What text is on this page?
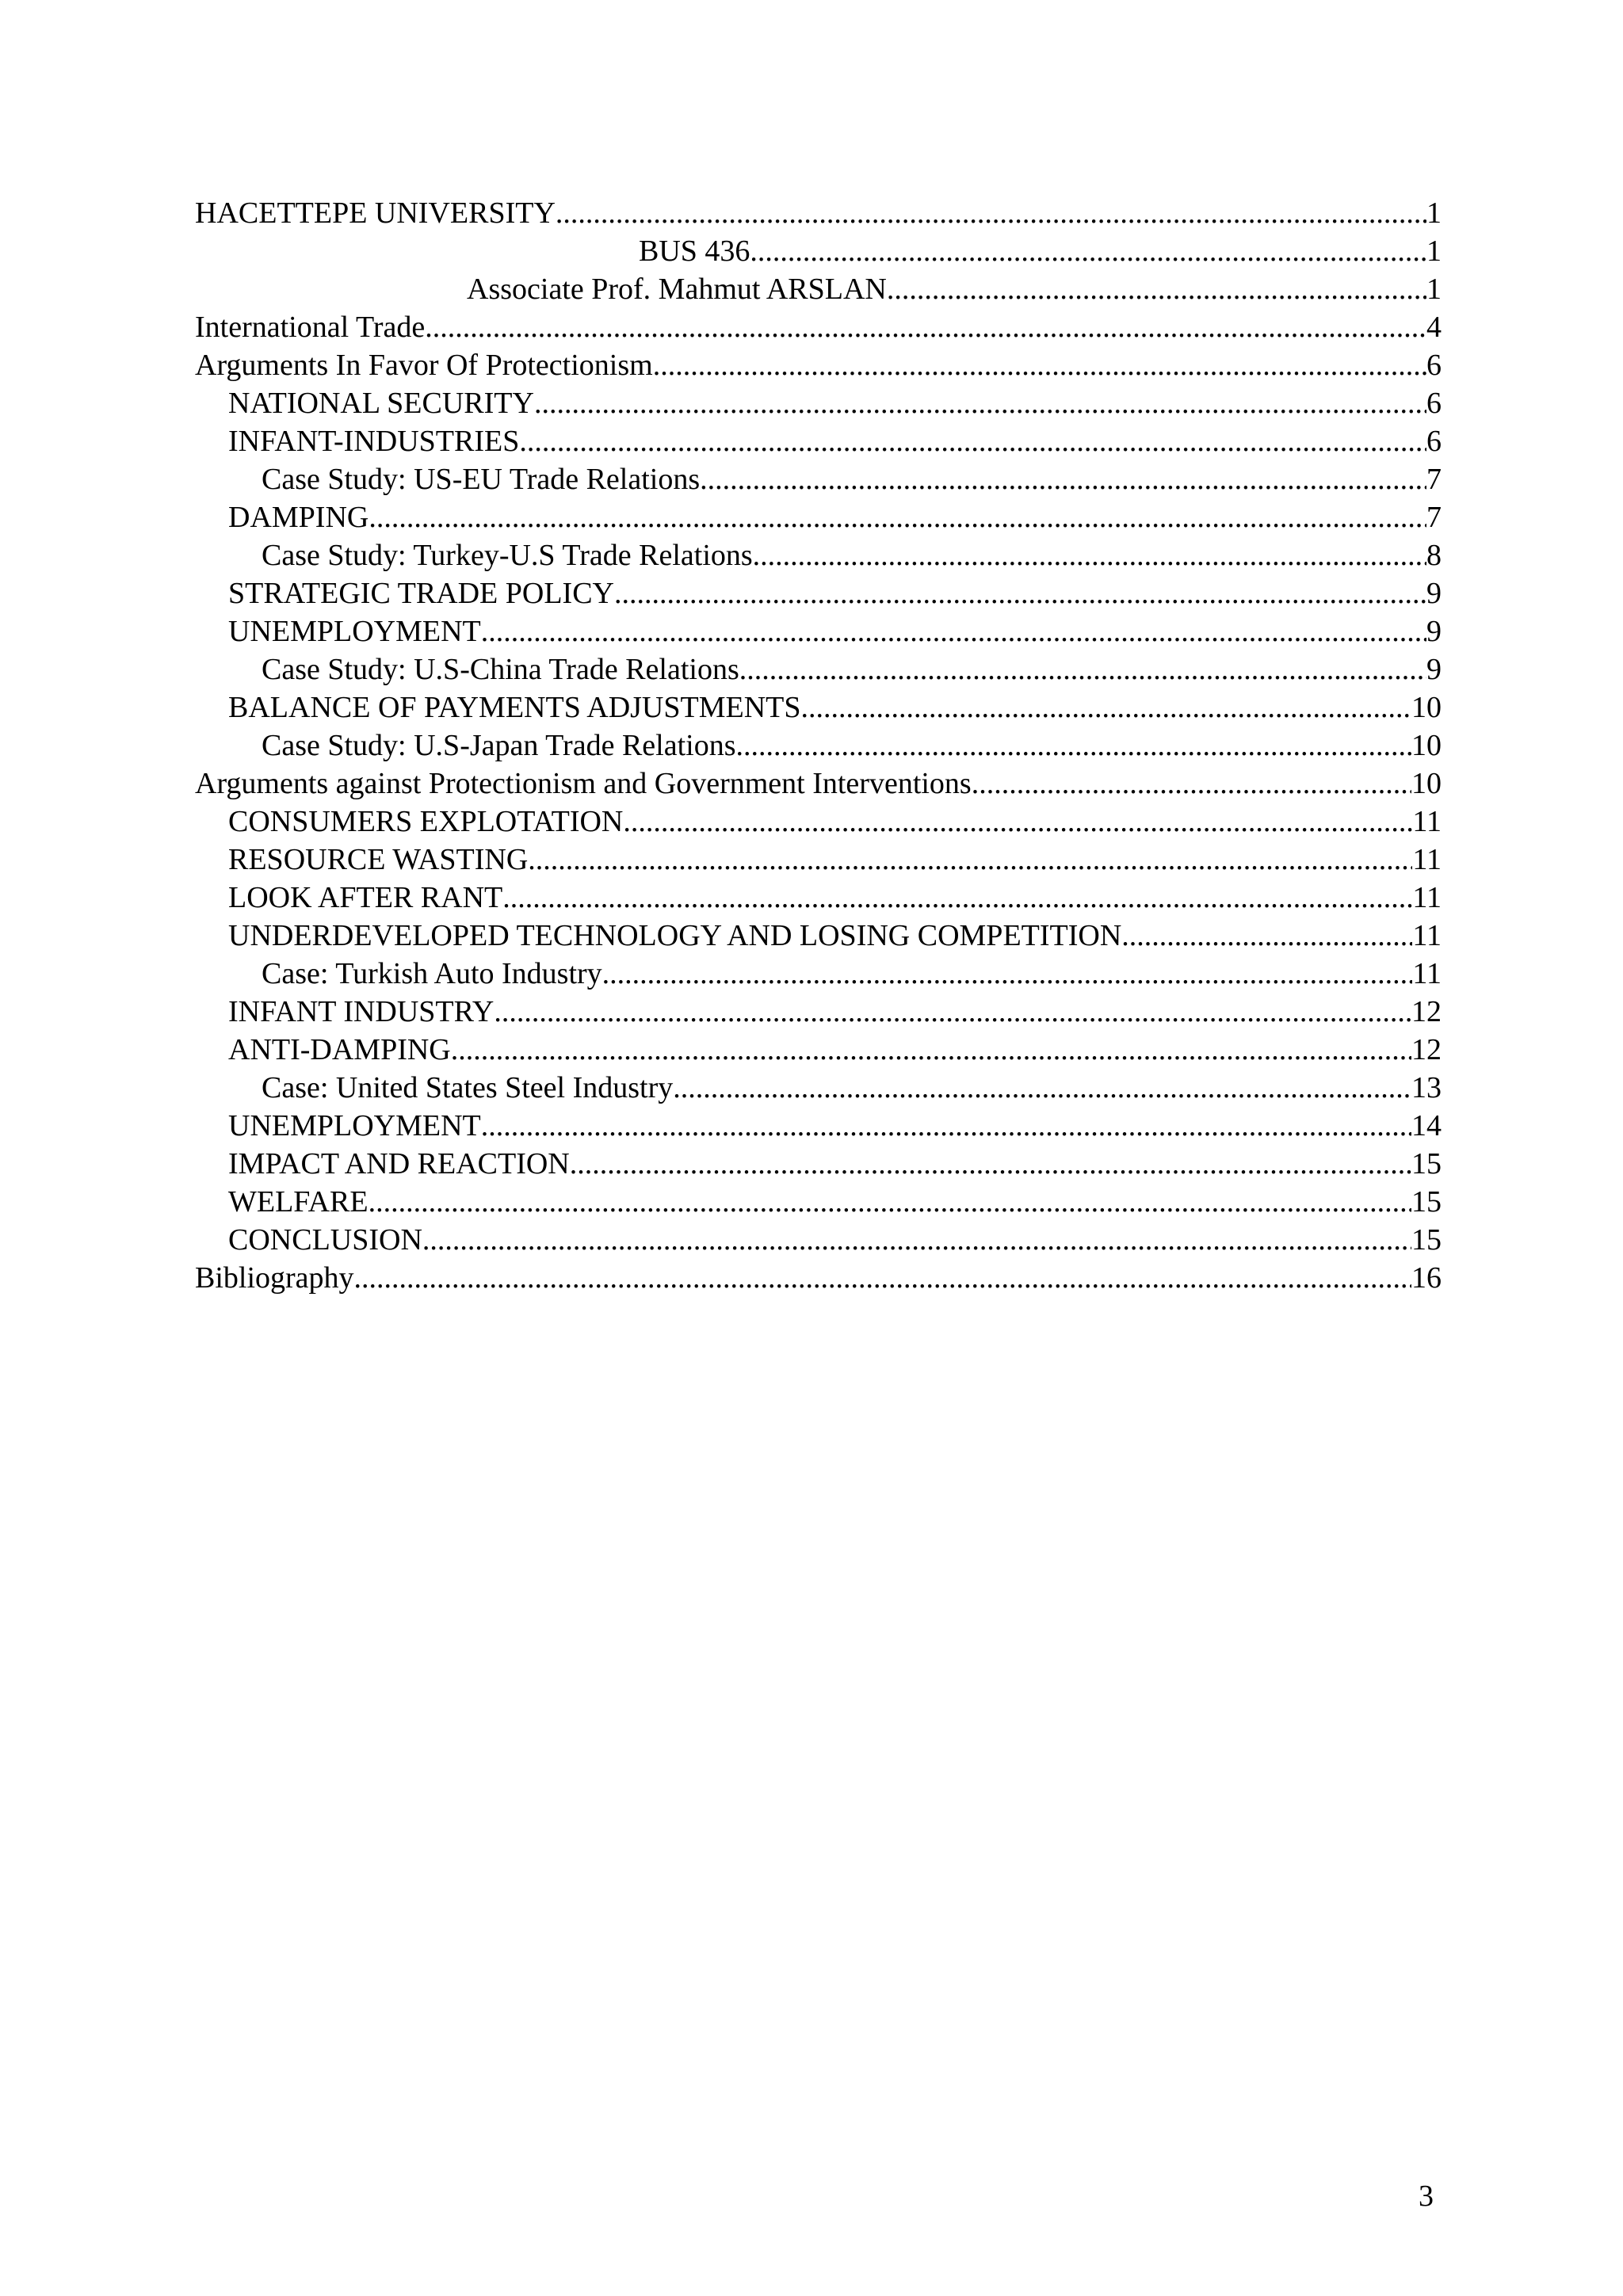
HACETTEPE UNIVERSITY .....	1
BUS 436 .....	1
Associate Prof. Mahmut ARSLAN .....	1
International Trade .....	4
Arguments In Favor Of Protectionism .....	6
NATIONAL SECURITY .....	6
INFANT-INDUSTRIES .....	6
Case Study: US-EU Trade Relations .....	7
DAMPING .....	7
Case Study: Turkey-U.S Trade Relations .....	8
STRATEGIC TRADE POLICY .....	9
UNEMPLOYMENT .....	9
Case Study: U.S-China Trade Relations .....	9
BALANCE OF PAYMENTS ADJUSTMENTS .....	10
Case Study: U.S-Japan Trade Relations .....	10
Arguments against Protectionism and Government Interventions .....	10
CONSUMERS EXPLOTATION .....	11
RESOURCE WASTING .....	11
LOOK AFTER RANT .....	11
UNDERDEVELOPED TECHNOLOGY AND LOSING COMPETITION .....	11
Case: Turkish Auto Industry .....	11
INFANT INDUSTRY .....	12
ANTI-DAMPING .....	12
Case: United States Steel Industry .....	13
UNEMPLOYMENT .....	14
IMPACT AND REACTION .....	15
WELFARE .....	15
CONCLUSION .....	15
Bibliography .....	16
3
